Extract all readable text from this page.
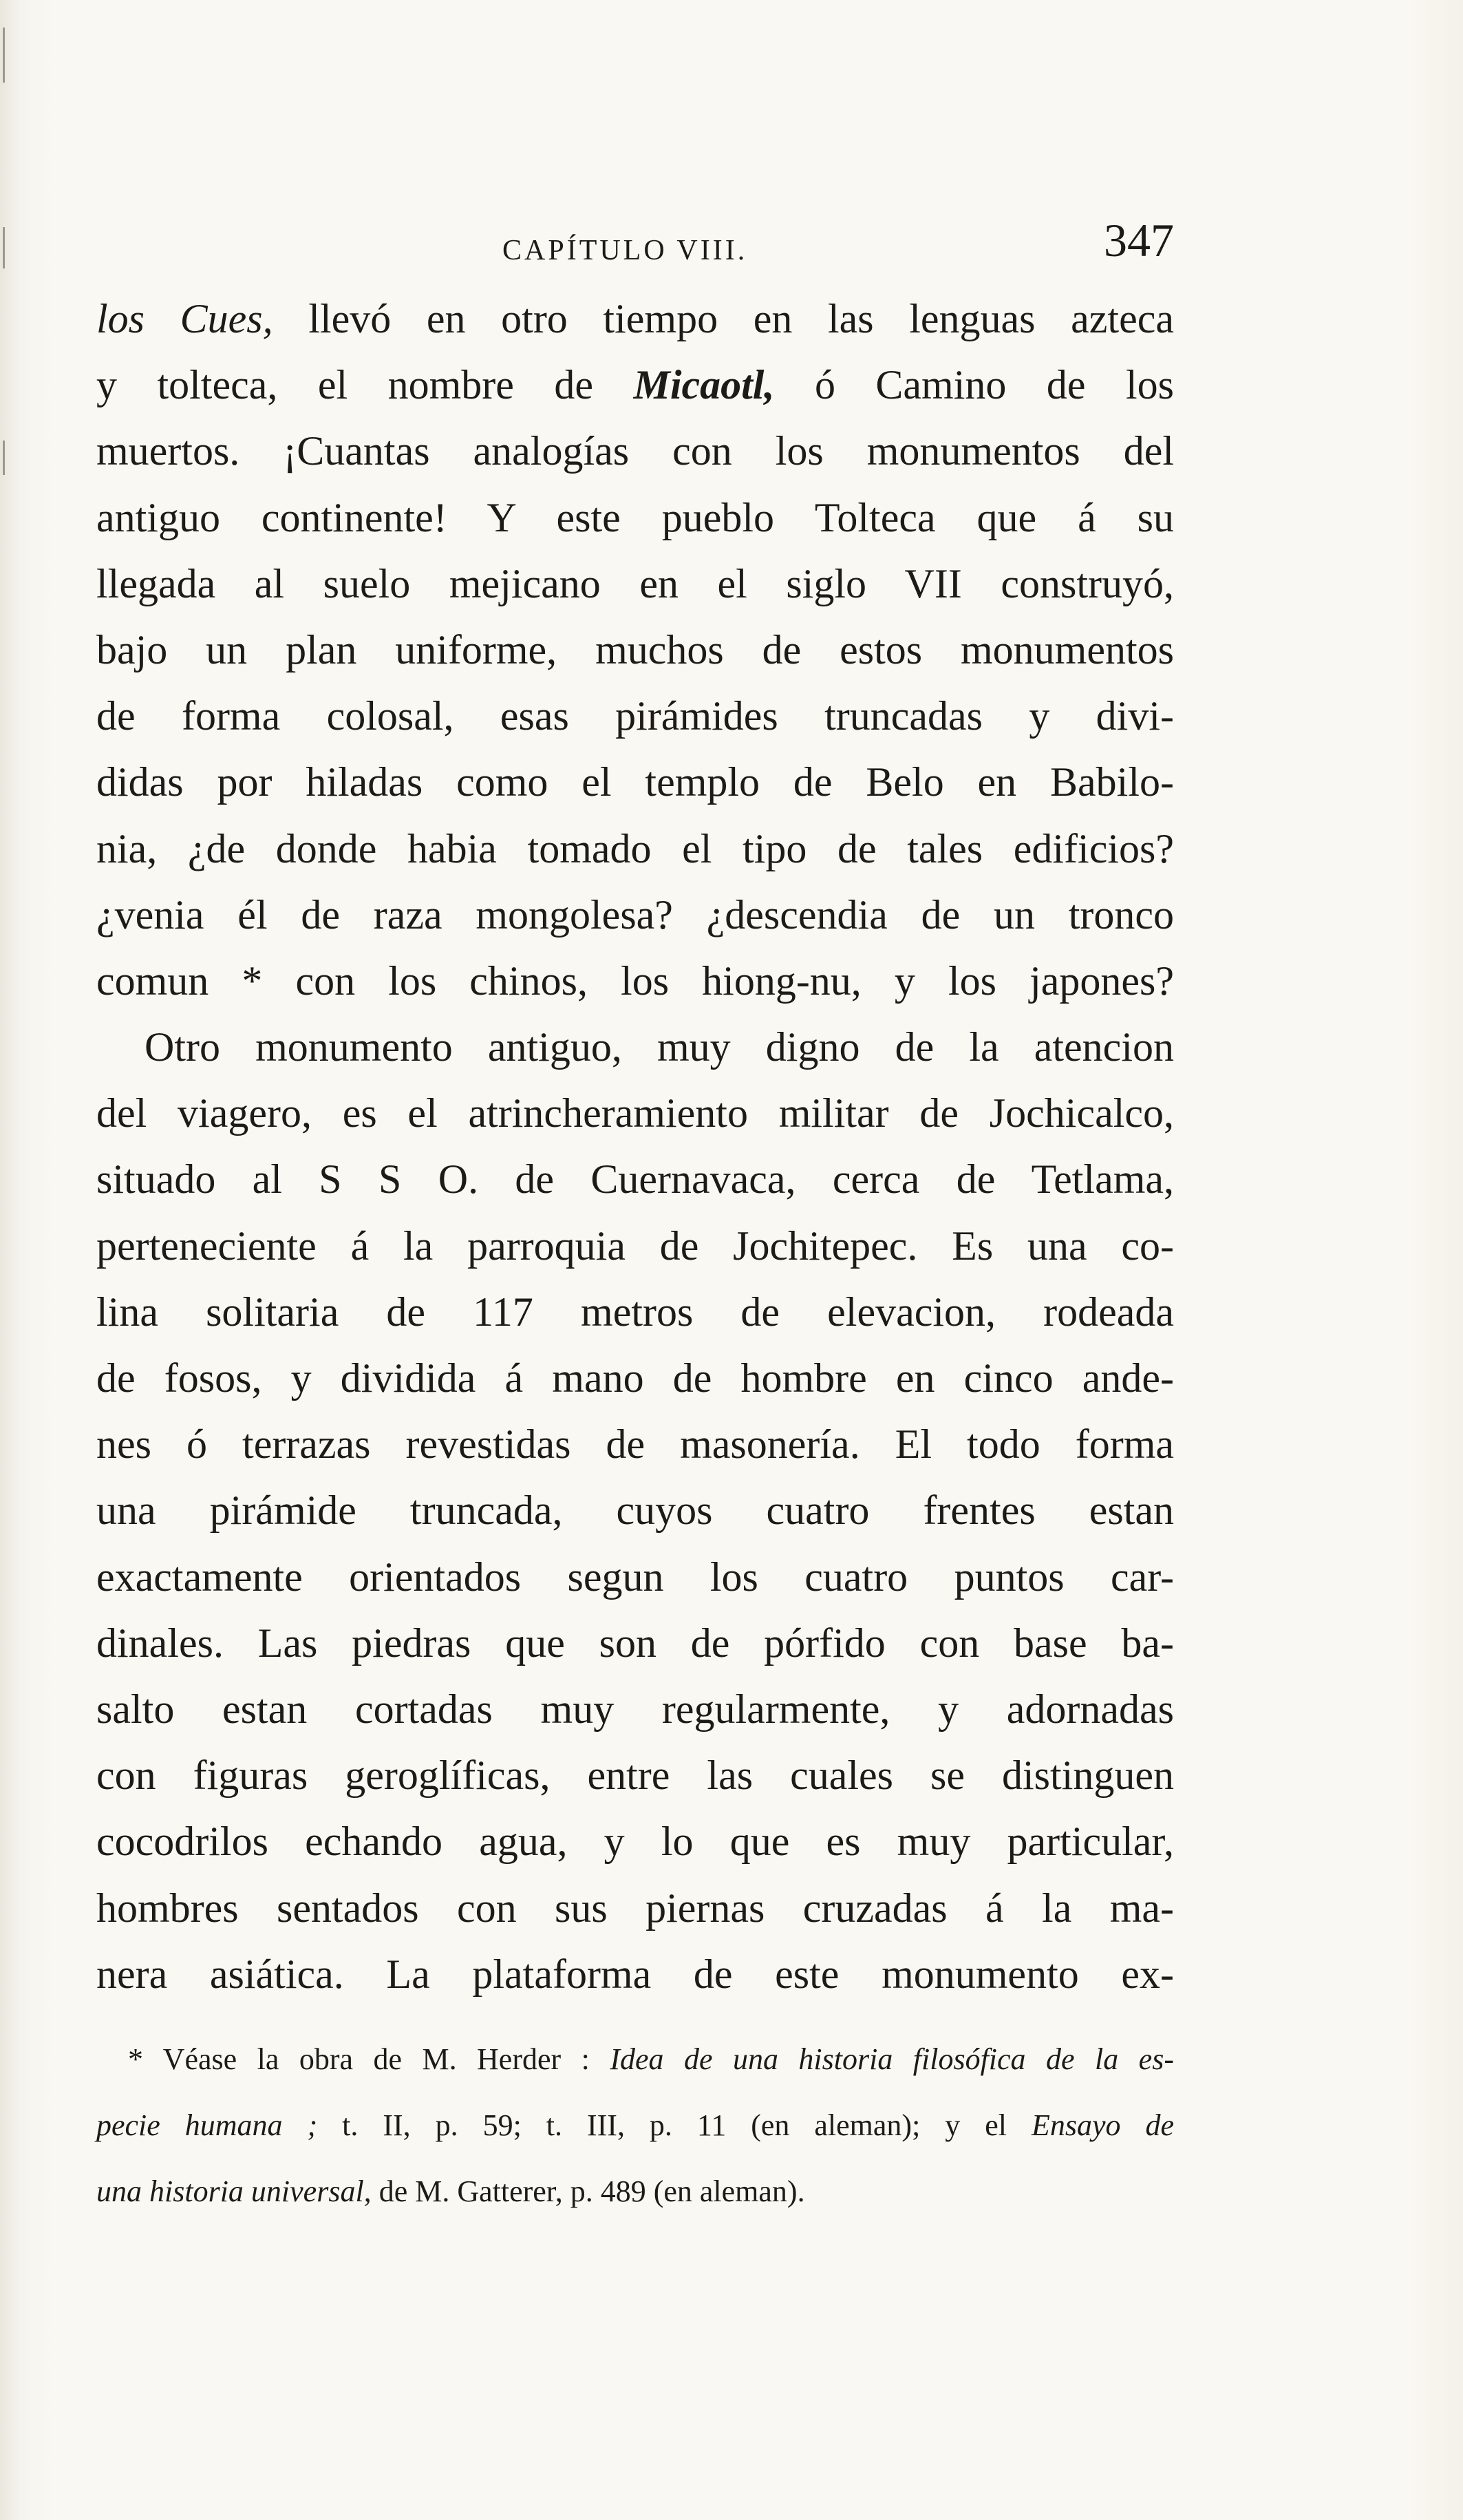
CAPÍTULO VIII.	347
los Cues, llevó en otro tiempo en las lenguas azteca
y tolteca, el nombre de Micaotl, ó Camino de los
muertos. ¡Cuantas analogías con los monumentos del
antiguo continente! Y este pueblo Tolteca que á su
llegada al suelo mejicano en el siglo VII construyó,
bajo un plan uniforme, muchos de estos monumentos
de forma colosal, esas pirámides truncadas y divi-
didas por hiladas como el templo de Belo en Babilo-
nia, ¿de donde habia tomado el tipo de tales edificios?
¿venia él de raza mongolesa? ¿descendia de un tronco
comun * con los chinos, los hiong-nu, y los japones?
Otro monumento antiguo, muy digno de la atencion
del viagero, es el atrincheramiento militar de Jochicalco,
situado al S S O. de Cuernavaca, cerca de Tetlama,
perteneciente á la parroquia de Jochitepec. Es una co-
lina solitaria de 117 metros de elevacion, rodeada
de fosos, y dividida á mano de hombre en cinco ande-
nes ó terrazas revestidas de masonería. El todo forma
una pirámide truncada, cuyos cuatro frentes estan
exactamente orientados segun los cuatro puntos car-
dinales. Las piedras que son de pórfido con base ba-
salto estan cortadas muy regularmente, y adornadas
con figuras geroglíficas, entre las cuales se distinguen
cocodrilos echando agua, y lo que es muy particular,
hombres sentados con sus piernas cruzadas á la ma-
nera asiática. La plataforma de este monumento ex-
* Véase la obra de M. Herder : Idea de una historia filosófica de la es-
pecie humana ; t. II, p. 59; t. III, p. 11 (en aleman); y el Ensayo de
una historia universal, de M. Gatterer, p. 489 (en aleman).
